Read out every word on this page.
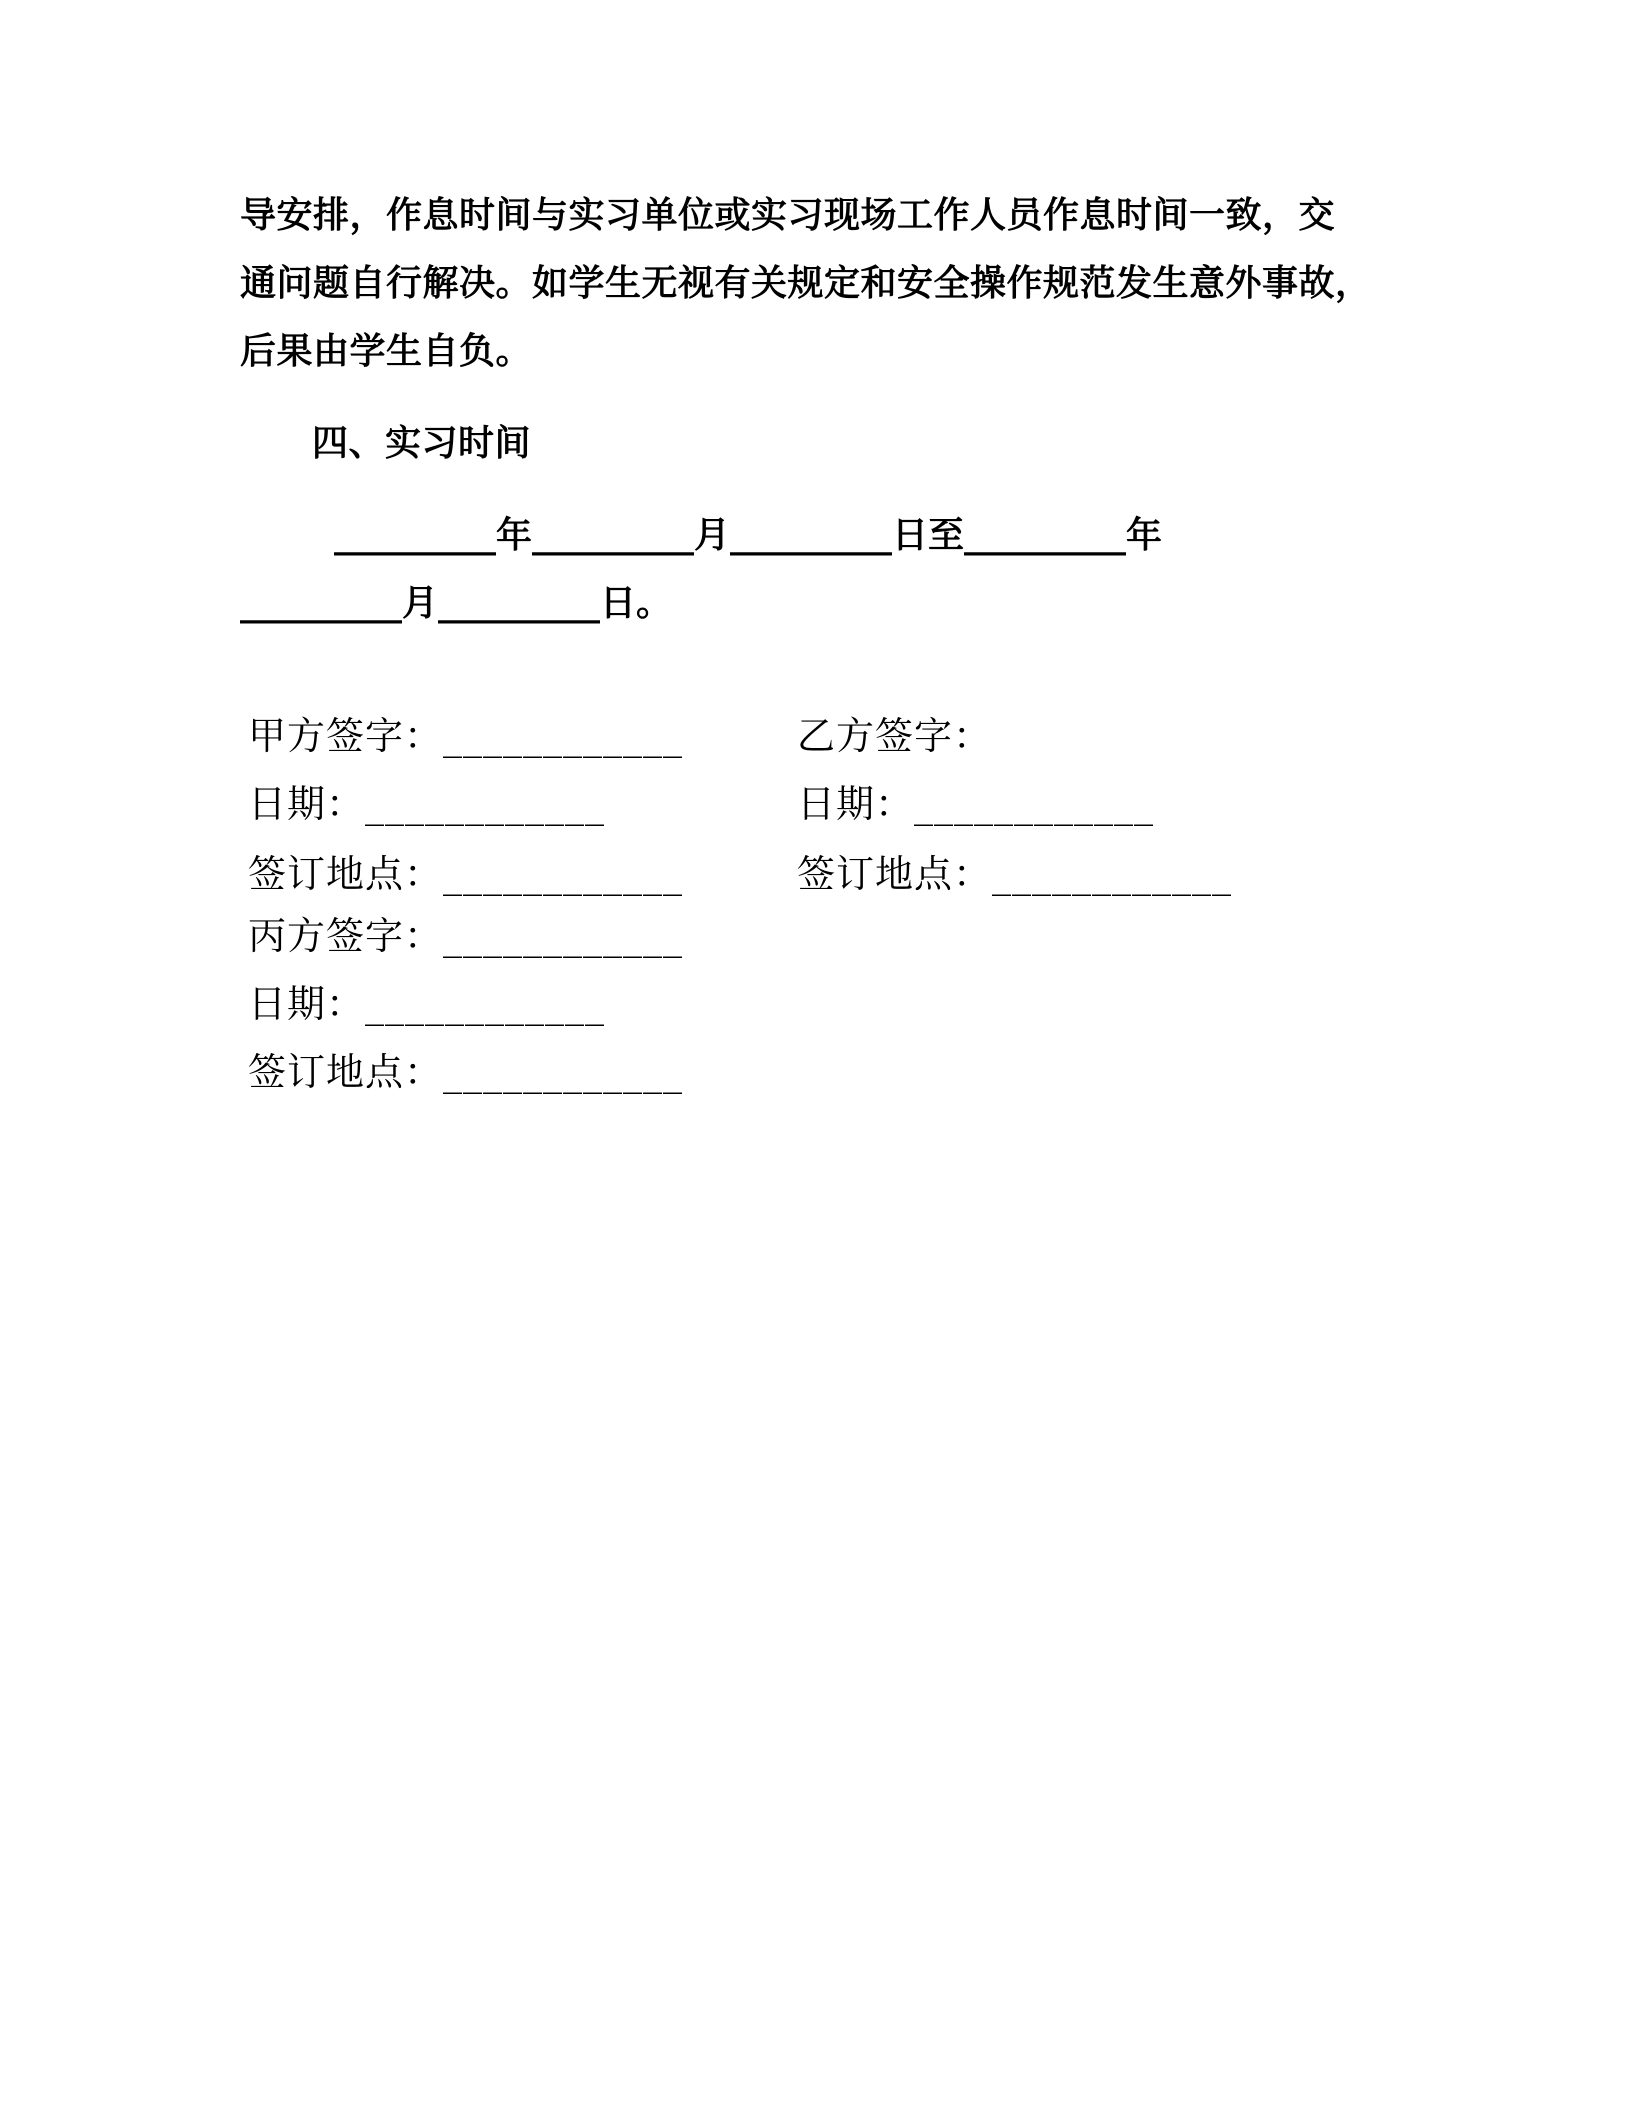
导安排，作息时间与实习单位或实习现场工作人员作息时间一致，交
通问题自行解决。如学生无视有关规定和安全操作规范发生意外事故，
后果由学生自负。
四、实习时间
_________年_________月_________日至_________年
_________月_________日。
甲方签字：____________	乙方签字：
日期：____________	日期：____________
签订地点：____________	签订地点：____________
丙方签字：____________
日期：____________
签订地点：____________
